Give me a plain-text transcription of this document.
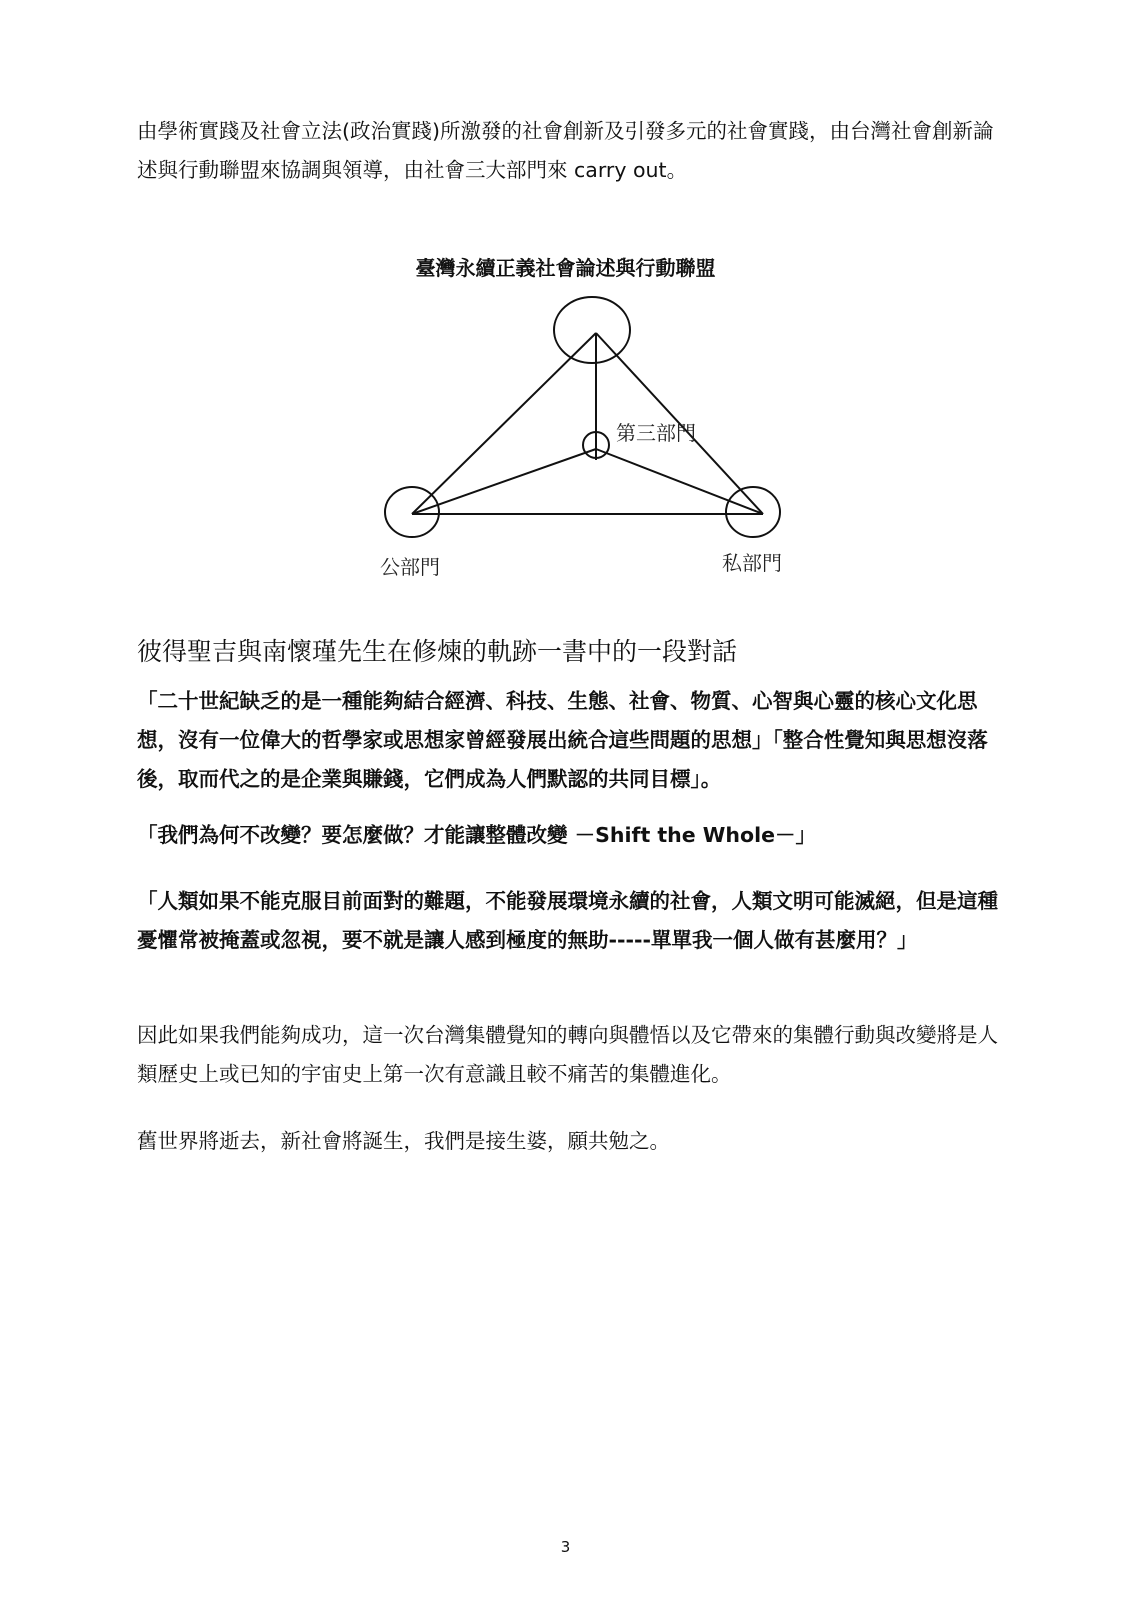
由學術實踐及社會立法(政治實踐)所激發的社會創新及引發多元的社會實踐，由台灣社會創新論述與行動聯盟來協調與領導，由社會三大部門來 carry out。

臺灣永續正義社會論述與行動聯盟

第三部門
公部門	私部門
彼得聖吉與南懷瑾先生在修煉的軌跡一書中的一段對話

「二十世紀缺乏的是一種能夠結合經濟、科技、生態、社會、物質、心智與心靈的核心文化思想，沒有一位偉大的哲學家或思想家曾經發展出統合這些問題的思想」「整合性覺知與思想沒落後，取而代之的是企業與賺錢，它們成為人們默認的共同目標」。

「我們為何不改變？要怎麼做？才能讓整體改變 －Shift the Whole－」

「人類如果不能克服目前面對的難題，不能發展環境永續的社會，人類文明可能滅絕，但是這種憂懼常被掩蓋或忽視，要不就是讓人感到極度的無助-----單單我一個人做有甚麼用？」

因此如果我們能夠成功，這一次台灣集體覺知的轉向與體悟以及它帶來的集體行動與改變將是人類歷史上或已知的宇宙史上第一次有意識且較不痛苦的集體進化。

舊世界將逝去，新社會將誕生，我們是接生婆，願共勉之。

3
